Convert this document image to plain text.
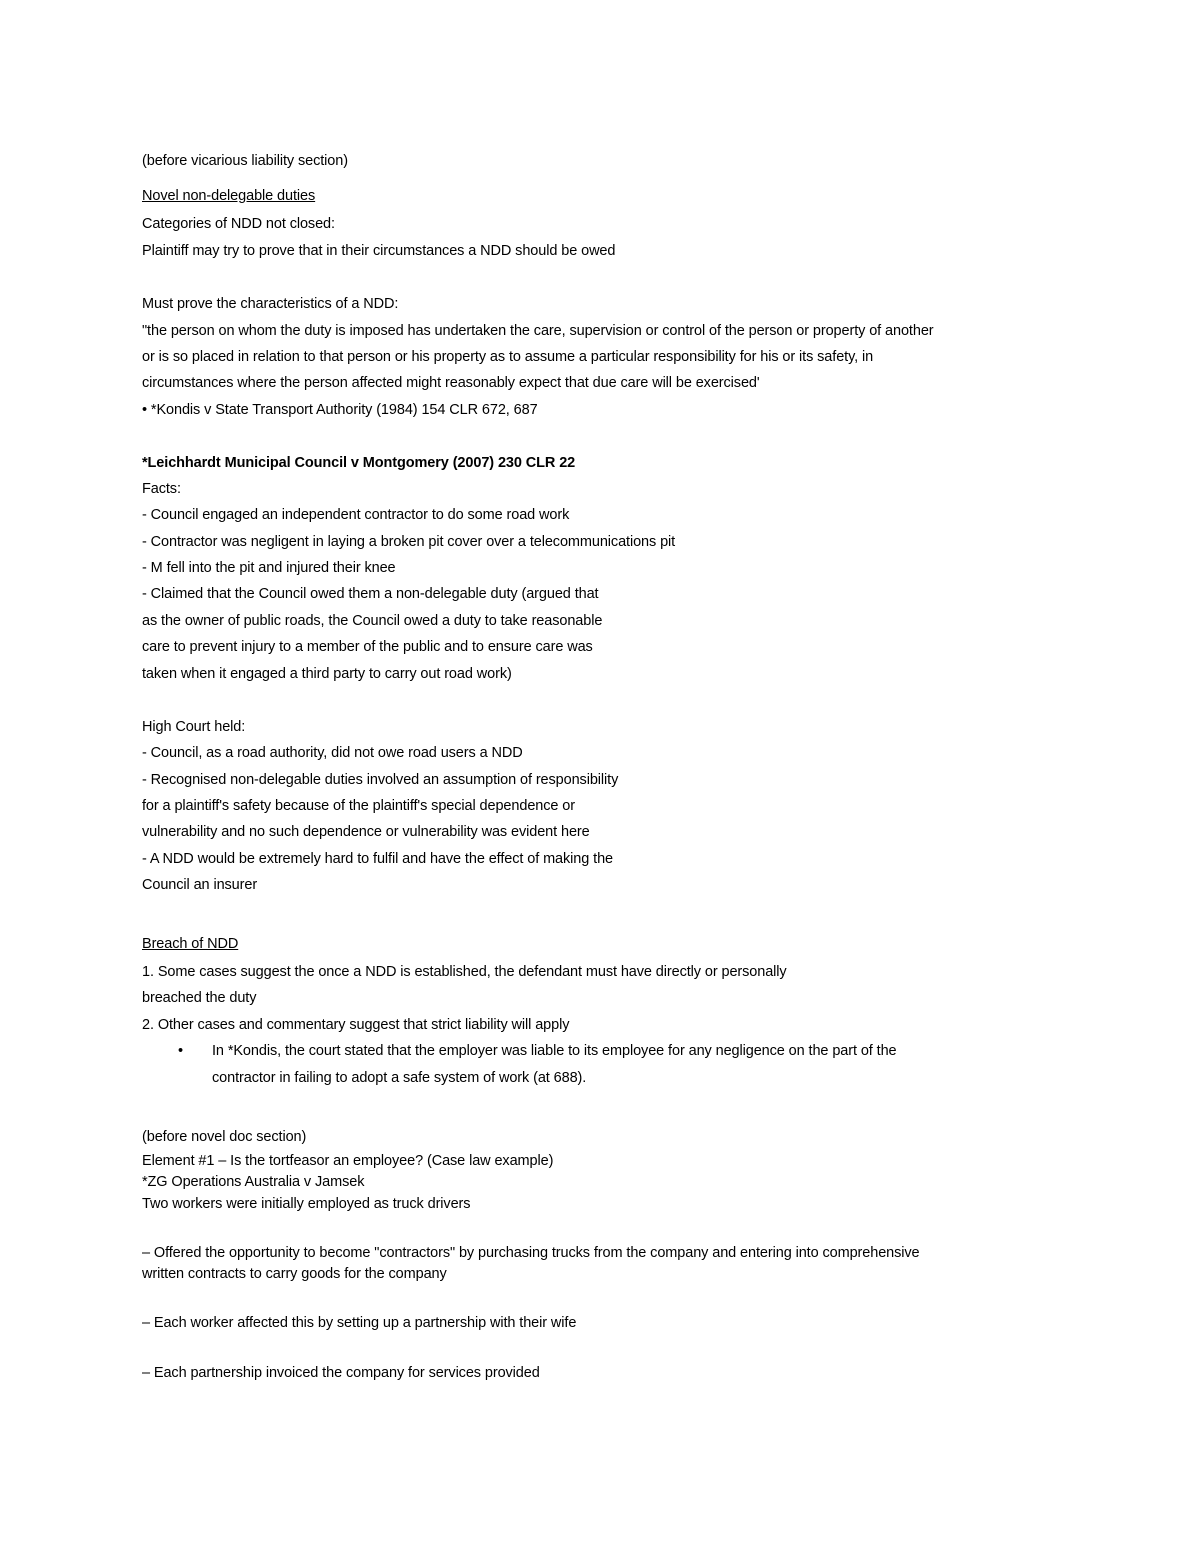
(before vicarious liability section)
Novel non-delegable duties
Categories of NDD not closed:
Plaintiff may try to prove that in their circumstances a NDD should be owed
Must prove the characteristics of a NDD:
"the person on whom the duty is imposed has undertaken the care, supervision or control of the person or property of another
or is so placed in relation to that person or his property as to assume a particular responsibility for his or its safety, in
circumstances where the person affected might reasonably expect that due care will be exercised'
• *Kondis v State Transport Authority (1984) 154 CLR 672, 687
*Leichhardt Municipal Council v Montgomery (2007) 230 CLR 22
Facts:
- Council engaged an independent contractor to do some road work
- Contractor was negligent in laying a broken pit cover over a telecommunications pit
- M fell into the pit and injured their knee
- Claimed that the Council owed them a non-delegable duty (argued that
as the owner of public roads, the Council owed a duty to take reasonable
care to prevent injury to a member of the public and to ensure care was
taken when it engaged a third party to carry out road work)
High Court held:
- Council, as a road authority, did not owe road users a NDD
- Recognised non-delegable duties involved an assumption of responsibility
for a plaintiff's safety because of the plaintiff's special dependence or
vulnerability and no such dependence or vulnerability was evident here
- A NDD would be extremely hard to fulfil and have the effect of making the
Council an insurer
Breach of NDD
1. Some cases suggest the once a NDD is established, the defendant must have directly or personally
breached the duty
2. Other cases and commentary suggest that strict liability will apply
• In *Kondis, the court stated that the employer was liable to its employee for any negligence on the part of the
contractor in failing to adopt a safe system of work (at 688).
(before novel doc section)
Element #1 – Is the tortfeasor an employee? (Case law example)
*ZG Operations Australia v Jamsek
Two workers were initially employed as truck drivers
– Offered the opportunity to become "contractors" by purchasing trucks from the company and entering into comprehensive
written contracts to carry goods for the company
– Each worker affected this by setting up a partnership with their wife
– Each partnership invoiced the company for services provided
